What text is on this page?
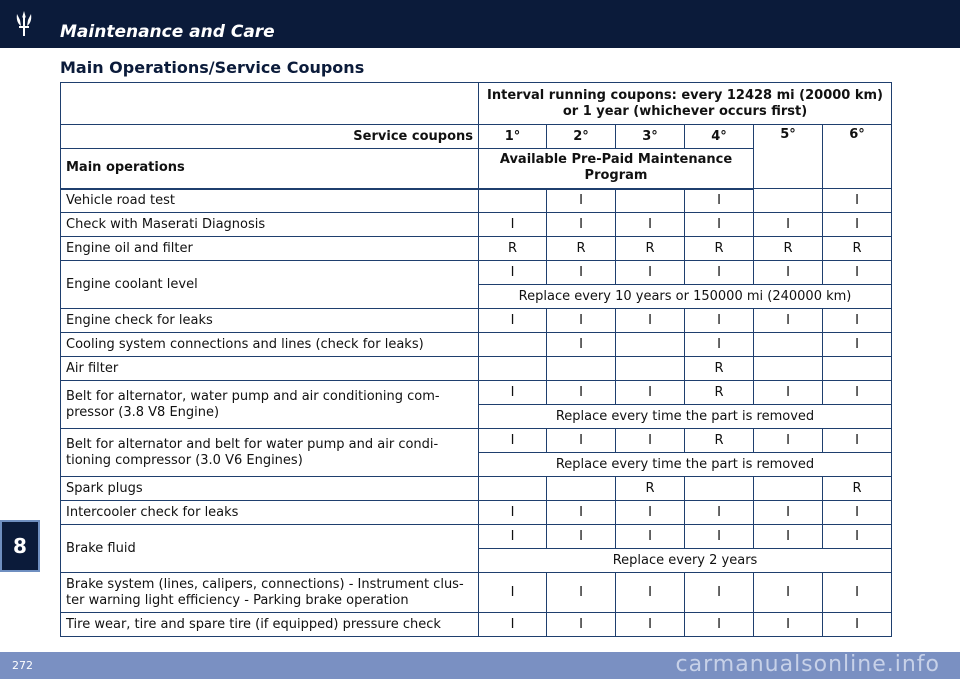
Maintenance and Care
Main Operations/Service Coupons
	Interval running coupons: every 12428 mi (20000 km) or 1 year (whichever occurs first)					
Service coupons	1°	2°	3°	4°	5°	6°
Main operations	Available Pre-Paid Maintenance Program					
Vehicle road test		I		I		I
Check with Maserati Diagnosis	I	I	I	I	I	I
Engine oil and filter	R	R	R	R	R	R
Engine coolant level	I	I	I	I	I	I
	Replace every 10 years or 150000 mi (240000 km)					
Engine check for leaks	I	I	I	I	I	I
Cooling system connections and lines (check for leaks)		I		I		I
Air filter				R		
Belt for alternator, water pump and air conditioning com-
pressor (3.8 V8 Engine)	I	I	I	R	I	I
	Replace every time the part is removed					
Belt for alternator and belt for water pump and air condi-
tioning compressor (3.0 V6 Engines)	I	I	I	R	I	I
	Replace every time the part is removed					
Spark plugs			R			R
Intercooler check for leaks	I	I	I	I	I	I
Brake fluid	I	I	I	I	I	I
	Replace every 2 years					
Brake system (lines, calipers, connections) - Instrument clus-
ter warning light efficiency - Parking brake operation	I	I	I	I	I	I
Tire wear, tire and spare tire (if equipped) pressure check	I	I	I	I	I	I
8
272	carmanualsonline.info
